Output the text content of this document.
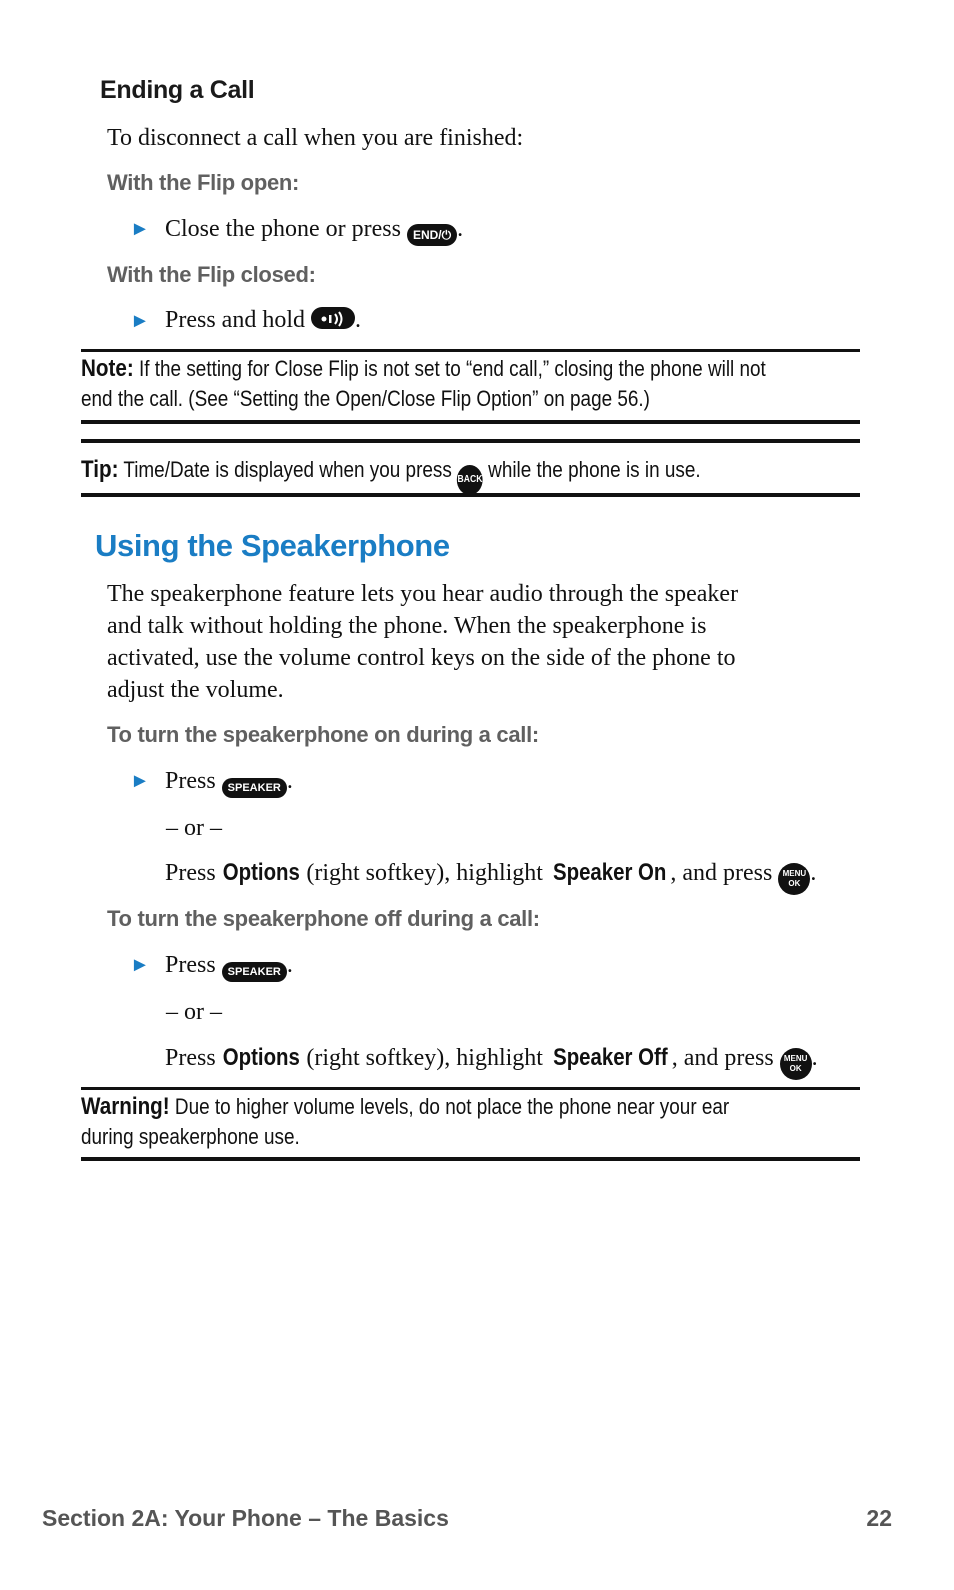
Ending a Call
To disconnect a call when you are finished:
With the Flip open:
► Close the phone or press END/⏻ .
With the Flip closed:
► Press and hold .
Note: If the setting for Close Flip is not set to “end call,” closing the phone will not
end the call. (See “Setting the Open/Close Flip Option” on page 56.)
Tip: Time/Date is displayed when you press BACK while the phone is in use.
Using the Speakerphone
The speakerphone feature lets you hear audio through the speaker
and talk without holding the phone. When the speakerphone is
activated, use the volume control keys on the side of the phone to
adjust the volume.
To turn the speakerphone on during a call:
► Press SPEAKER .
– or –
Press Options (right softkey), highlight Speaker On , and press	MENU
OK .
To turn the speakerphone off during a call:
► Press SPEAKER .
– or –
Press Options (right softkey), highlight Speaker Off , and press	MENU
OK .
Warning! Due to higher volume levels, do not place the phone near your ear
during speakerphone use.
Section 2A: Your Phone – The Basics	22
